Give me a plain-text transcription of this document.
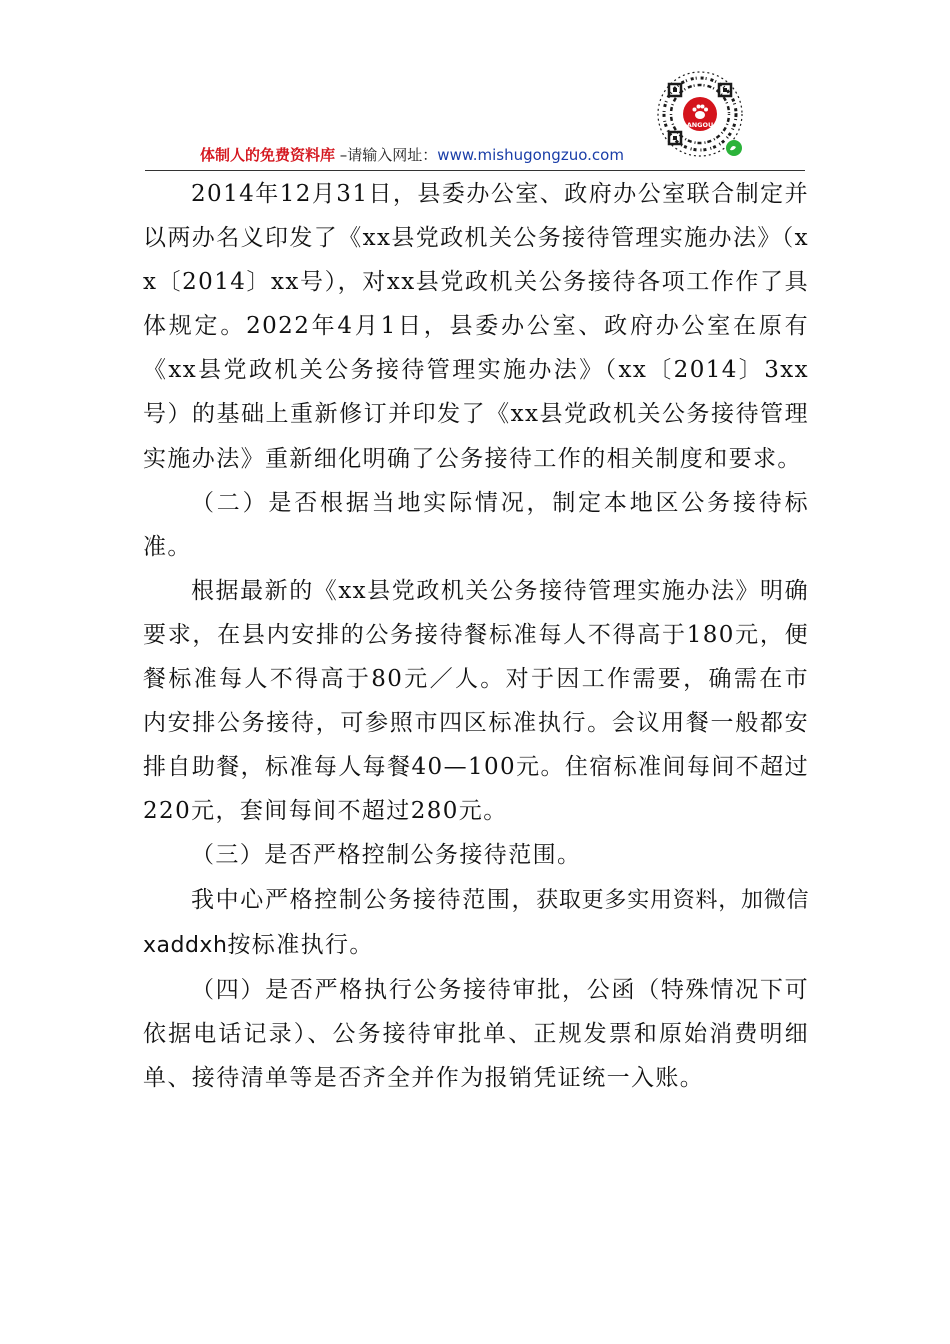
ANGOU
体制人的免费资料库 –请输入网址：www.mishugongzuo.com

2014年12月31日，县委办公室、政府办公室联合制定并以两办名义印发了《xx县党政机关公务接待管理实施办法》（xx〔2014〕xx号），对xx县党政机关公务接待各项工作作了具体规定。2022年4月1日，县委办公室、政府办公室在原有《xx县党政机关公务接待管理实施办法》（xx〔2014〕3xx号）的基础上重新修订并印发了《xx县党政机关公务接待管理实施办法》重新细化明确了公务接待工作的相关制度和要求。

（二）是否根据当地实际情况，制定本地区公务接待标准。

根据最新的《xx县党政机关公务接待管理实施办法》明确要求，在县内安排的公务接待餐标准每人不得高于180元，便餐标准每人不得高于80元／人。对于因工作需要，确需在市内安排公务接待，可参照市四区标准执行。会议用餐一般都安排自助餐，标准每人每餐40—100元。住宿标准间每间不超过220元，套间每间不超过280元。

（三）是否严格控制公务接待范围。

我中心严格控制公务接待范围，获取更多实用资料，加微信xaddxh按标准执行。

（四）是否严格执行公务接待审批，公函（特殊情况下可依据电话记录）、公务接待审批单、正规发票和原始消费明细单、接待清单等是否齐全并作为报销凭证统一入账。
